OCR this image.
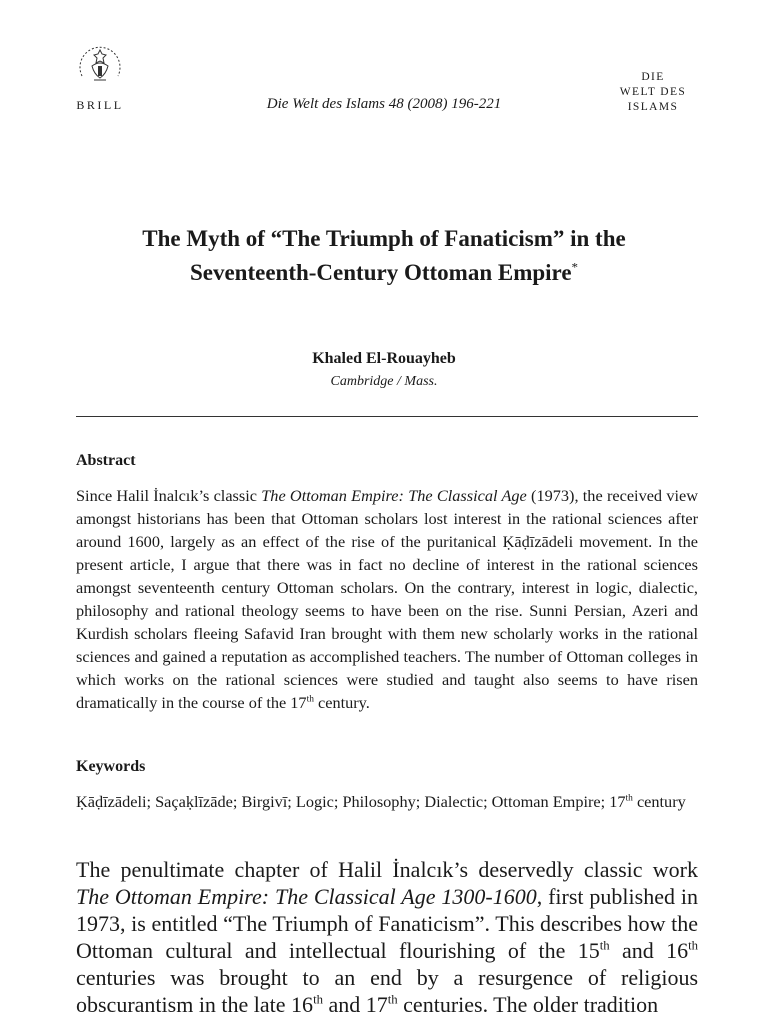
BRILL	Die Welt des Islams 48 (2008) 196-221
DIE
WELT DES
ISLAMS
The Myth of “The Triumph of Fanaticism” in the
Seventeenth-Century Ottoman Empire*
Khaled El-Rouayheb
Cambridge / Mass.
Abstract

Since Halil İnalcık’s classic The Ottoman Empire: The Classical Age (1973), the received view amongst historians has been that Ottoman scholars lost interest in the rational sciences after around 1600, largely as an effect of the rise of the puritanical Ḳāḍīzādeli movement. In the present article, I argue that there was in fact no decline of interest in the rational sciences amongst seventeenth century Ottoman scholars. On the contrary, interest in logic, dialectic, philosophy and rational theology seems to have been on the rise. Sunni Persian, Azeri and Kurdish scholars fleeing Safavid Iran brought with them new scholarly works in the rational sciences and gained a reputation as accomplished teachers. The number of Ottoman colleges in which works on the rational sciences were studied and taught also seems to have risen dramatically in the course of the 17th century.

Keywords

Ḳāḍīzādeli; Saçaḳlīzāde; Birgivī; Logic; Philosophy; Dialectic; Ottoman Empire; 17th century

The penultimate chapter of Halil İnalcık’s deservedly classic work The Ottoman Empire: The Classical Age 1300-1600, first published in 1973, is entitled “The Triumph of Fanaticism”. This describes how the Ottoman cultural and intellectual flourishing of the 15th and 16th centuries was brought to an end by a resurgence of religious obscurantism in the late 16th and 17th centuries. The older tradition
